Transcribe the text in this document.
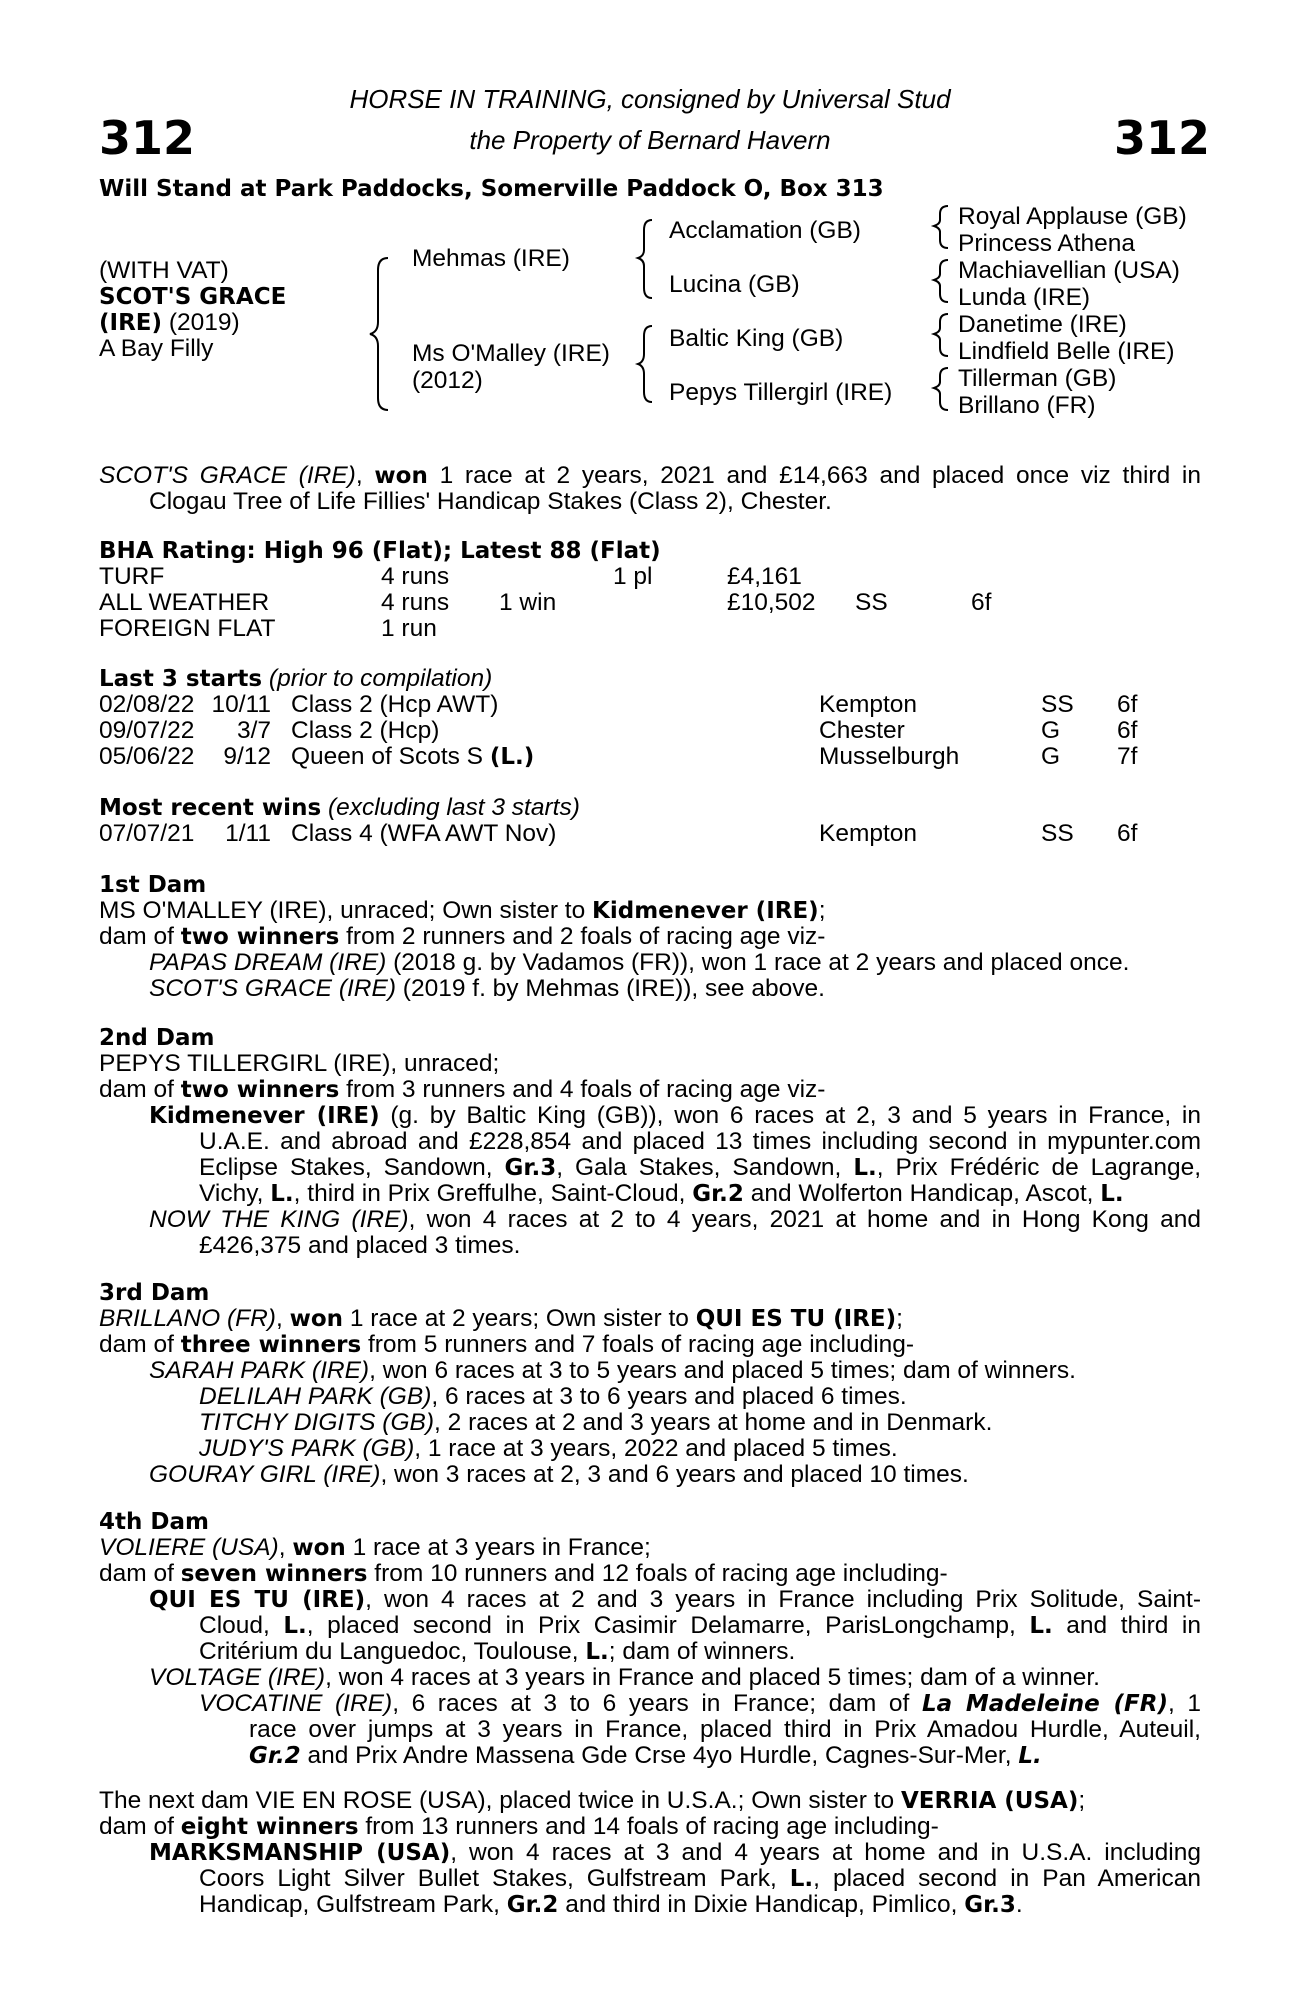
312	312
HORSE IN TRAINING, consigned by Universal Stud
the Property of Bernard Havern
Will Stand at Park Paddocks, Somerville Paddock O, Box 313
(WITH VAT)
SCOT'S GRACE
(IRE) (2019)
A Bay Filly
Mehmas (IRE)
Ms O'Malley (IRE)
(2012)
Acclamation (GB)
Lucina (GB)
Baltic King (GB)
Pepys Tillergirl (IRE)
Royal Applause (GB)
Princess Athena
Machiavellian (USA)
Lunda (IRE)
Danetime (IRE)
Lindfield Belle (IRE)
Tillerman (GB)
Brillano (FR)
SCOT'S GRACE (IRE), won 1 race at 2 years, 2021 and £14,663 and placed once viz third in
Clogau Tree of Life Fillies' Handicap Stakes (Class 2), Chester.
BHA Rating: High 96 (Flat); Latest 88 (Flat)
TURF	4 runs	1 pl	£4,161
ALL WEATHER	4 runs 1 win	£10,502 SS	6f
FOREIGN FLAT	1 run
Last 3 starts (prior to compilation)
02/08/22 10/11 Class 2 (Hcp AWT)	Kempton	SS 6f
09/07/22 3/7 Class 2 (Hcp)	Chester	G 6f
05/06/22 9/12 Queen of Scots S (L.)	Musselburgh	G 7f
Most recent wins (excluding last 3 starts)
07/07/21 1/11 Class 4 (WFA AWT Nov)	Kempton	SS 6f
1st Dam
MS O'MALLEY (IRE), unraced; Own sister to Kidmenever (IRE);
dam of two winners from 2 runners and 2 foals of racing age viz-
PAPAS DREAM (IRE) (2018 g. by Vadamos (FR)), won 1 race at 2 years and placed once.
SCOT'S GRACE (IRE) (2019 f. by Mehmas (IRE)), see above.
2nd Dam
PEPYS TILLERGIRL (IRE), unraced;
dam of two winners from 3 runners and 4 foals of racing age viz-
Kidmenever (IRE) (g. by Baltic King (GB)), won 6 races at 2, 3 and 5 years in France, in
U.A.E. and abroad and £228,854 and placed 13 times including second in mypunter.com
Eclipse Stakes, Sandown, Gr.3, Gala Stakes, Sandown, L., Prix Frédéric de Lagrange,
Vichy, L., third in Prix Greffulhe, Saint-Cloud, Gr.2 and Wolferton Handicap, Ascot, L.
NOW THE KING (IRE), won 4 races at 2 to 4 years, 2021 at home and in Hong Kong and
£426,375 and placed 3 times.
3rd Dam
BRILLANO (FR), won 1 race at 2 years; Own sister to QUI ES TU (IRE);
dam of three winners from 5 runners and 7 foals of racing age including-
SARAH PARK (IRE), won 6 races at 3 to 5 years and placed 5 times; dam of winners.
DELILAH PARK (GB), 6 races at 3 to 6 years and placed 6 times.
TITCHY DIGITS (GB), 2 races at 2 and 3 years at home and in Denmark.
JUDY'S PARK (GB), 1 race at 3 years, 2022 and placed 5 times.
GOURAY GIRL (IRE), won 3 races at 2, 3 and 6 years and placed 10 times.
4th Dam
VOLIERE (USA), won 1 race at 3 years in France;
dam of seven winners from 10 runners and 12 foals of racing age including-
QUI ES TU (IRE), won 4 races at 2 and 3 years in France including Prix Solitude, Saint-
Cloud, L., placed second in Prix Casimir Delamarre, ParisLongchamp, L. and third in
Critérium du Languedoc, Toulouse, L.; dam of winners.
VOLTAGE (IRE), won 4 races at 3 years in France and placed 5 times; dam of a winner.
VOCATINE (IRE), 6 races at 3 to 6 years in France; dam of La Madeleine (FR), 1
race over jumps at 3 years in France, placed third in Prix Amadou Hurdle, Auteuil,
Gr.2 and Prix Andre Massena Gde Crse 4yo Hurdle, Cagnes-Sur-Mer, L.
The next dam VIE EN ROSE (USA), placed twice in U.S.A.; Own sister to VERRIA (USA);
dam of eight winners from 13 runners and 14 foals of racing age including-
MARKSMANSHIP (USA), won 4 races at 3 and 4 years at home and in U.S.A. including
Coors Light Silver Bullet Stakes, Gulfstream Park, L., placed second in Pan American
Handicap, Gulfstream Park, Gr.2 and third in Dixie Handicap, Pimlico, Gr.3.
